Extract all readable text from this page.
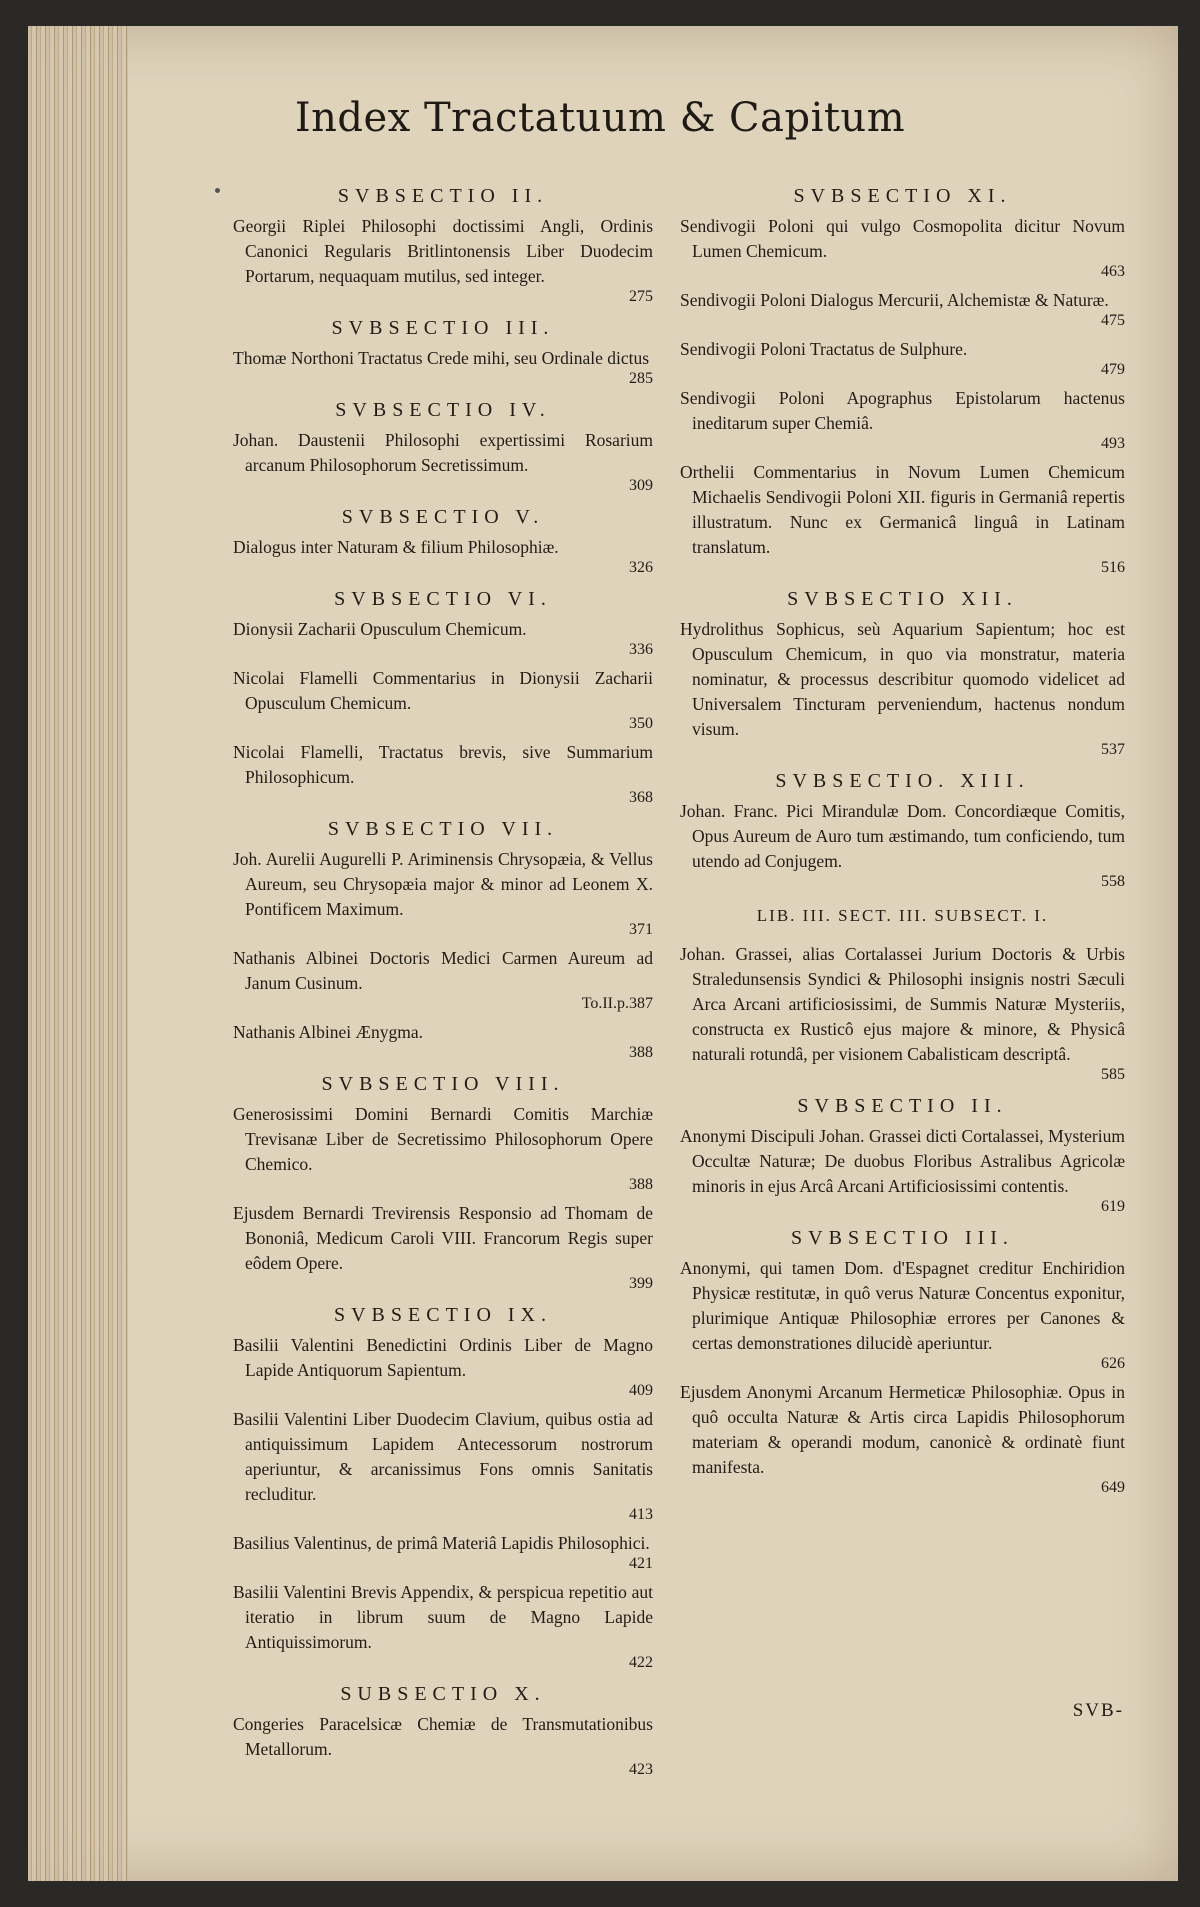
Index Tractatuum & Capitum
SVBSECTIO II.
Georgii Riplei Philosophi doctissimi Angli, Ordinis Canonici Regularis Britlintonensis Liber Duodecim Portarum, nequaquam mutilus, sed integer.
275
SVBSECTIO III.
Thomæ Northoni Tractatus Crede mihi, seu Ordinale dictus
285
SVBSECTIO IV.
Johan. Daustenii Philosophi expertissimi Rosarium arcanum Philosophorum Secretissimum.
309
SVBSECTIO V.
Dialogus inter Naturam & filium Philosophiæ.
326
SVBSECTIO VI.
Dionysii Zacharii Opusculum Chemicum.
336
Nicolai Flamelli Commentarius in Dionysii Zacharii Opusculum Chemicum.
350
Nicolai Flamelli, Tractatus brevis, sive Summarium Philosophicum.
368
SVBSECTIO VII.
Joh. Aurelii Augurelli P. Ariminensis Chrysopæia, & Vellus Aureum, seu Chrysopæia major & minor ad Leonem X. Pontificem Maximum.
371
Nathanis Albinei Doctoris Medici Carmen Aureum ad Janum Cusinum.
To.II.p.387
Nathanis Albinei Ænygma.
388
SVBSECTIO VIII.
Generosissimi Domini Bernardi Comitis Marchiæ Trevisanæ Liber de Secretissimo Philosophorum Opere Chemico.
388
Ejusdem Bernardi Trevirensis Responsio ad Thomam de Bononiâ, Medicum Caroli VIII. Francorum Regis super eôdem Opere.
399
SVBSECTIO IX.
Basilii Valentini Benedictini Ordinis Liber de Magno Lapide Antiquorum Sapientum.
409
Basilii Valentini Liber Duodecim Clavium, quibus ostia ad antiquissimum Lapidem Antecessorum nostrorum aperiuntur, & arcanissimus Fons omnis Sanitatis recluditur.
413
Basilius Valentinus, de primâ Materiâ Lapidis Philosophici.
421
Basilii Valentini Brevis Appendix, & perspicua repetitio aut iteratio in librum suum de Magno Lapide Antiquissimorum.
422
SUBSECTIO X.
Congeries Paracelsicæ Chemiæ de Transmutationibus Metallorum.
423
SVBSECTIO XI.
Sendivogii Poloni qui vulgo Cosmopolita dicitur Novum Lumen Chemicum.
463
Sendivogii Poloni Dialogus Mercurii, Alchemistæ & Naturæ.
475
Sendivogii Poloni Tractatus de Sulphure.
479
Sendivogii Poloni Apographus Epistolarum hactenus ineditarum super Chemiâ.
493
Orthelii Commentarius in Novum Lumen Chemicum Michaelis Sendivogii Poloni XII. figuris in Germaniâ repertis illustratum. Nunc ex Germanicâ linguâ in Latinam translatum.
516
SVBSECTIO XII.
Hydrolithus Sophicus, seù Aquarium Sapientum; hoc est Opusculum Chemicum, in quo via monstratur, materia nominatur, & processus describitur quomodo videlicet ad Universalem Tincturam perveniendum, hactenus nondum visum.
537
SVBSECTIO. XIII.
Johan. Franc. Pici Mirandulæ Dom. Concordiæque Comitis, Opus Aureum de Auro tum æstimando, tum conficiendo, tum utendo ad Conjugem.
558
LIB. III. SECT. III. SUBSECT. I.
Johan. Grassei, alias Cortalassei Jurium Doctoris & Urbis Straledunsensis Syndici & Philosophi insignis nostri Sæculi Arca Arcani artificiosissimi, de Summis Naturæ Mysteriis, constructa ex Rusticô ejus majore & minore, & Physicâ naturali rotundâ, per visionem Cabalisticam descriptâ.
585
SVBSECTIO II.
Anonymi Discipuli Johan. Grassei dicti Cortalassei, Mysterium Occultæ Naturæ; De duobus Floribus Astralibus Agricolæ minoris in ejus Arcâ Arcani Artificiosissimi contentis.
619
SVBSECTIO III.
Anonymi, qui tamen Dom. d'Espagnet creditur Enchiridion Physicæ restitutæ, in quô verus Naturæ Concentus exponitur, plurimique Antiquæ Philosophiæ errores per Canones & certas demonstrationes dilucidè aperiuntur.
626
Ejusdem Anonymi Arcanum Hermeticæ Philosophiæ. Opus in quô occulta Naturæ & Artis circa Lapidis Philosophorum materiam & operandi modum, canonicè & ordinatè fiunt manifesta.
649
SVB-
